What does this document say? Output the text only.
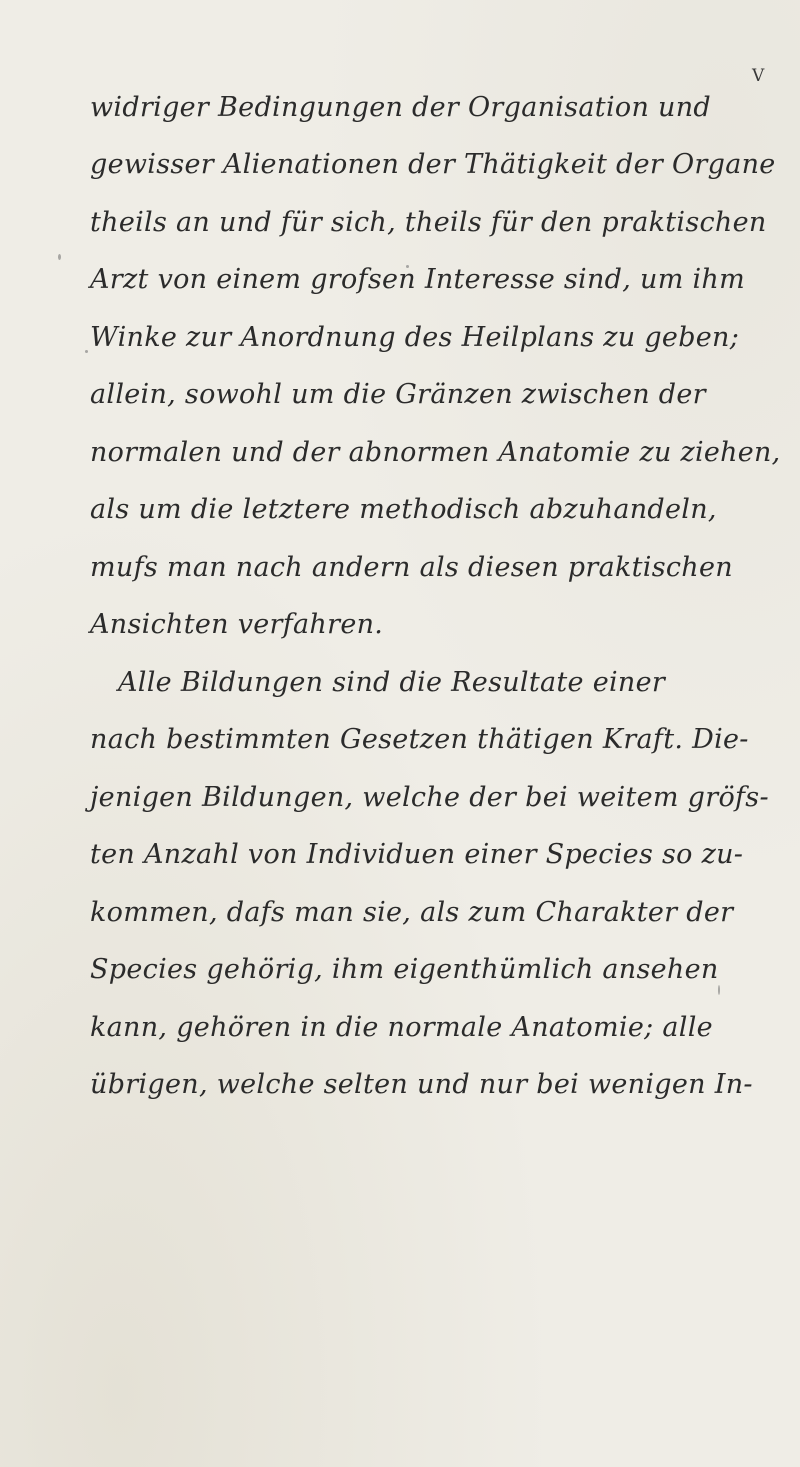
V
widriger Bedingungen der Organisation und
gewisser Alienationen der Thätigkeit der Organe
theils an und für sich, theils für den praktischen
Arzt von einem grofsen Interesse sind, um ihm
Winke zur Anordnung des Heilplans zu geben;
allein, sowohl um die Gränzen zwischen der
normalen und der abnormen Anatomie zu ziehen,
als um die letztere methodisch abzuhandeln,
mufs man nach andern als diesen praktischen
Ansichten verfahren.
Alle Bildungen sind die Resultate einer
nach bestimmten Gesetzen thätigen Kraft. Die-
jenigen Bildungen, welche der bei weitem gröfs-
ten Anzahl von Individuen einer Species so zu-
kommen, dafs man sie, als zum Charakter der
Species gehörig, ihm eigenthümlich ansehen
kann, gehören in die normale Anatomie; alle
übrigen, welche selten und nur bei wenigen In-
